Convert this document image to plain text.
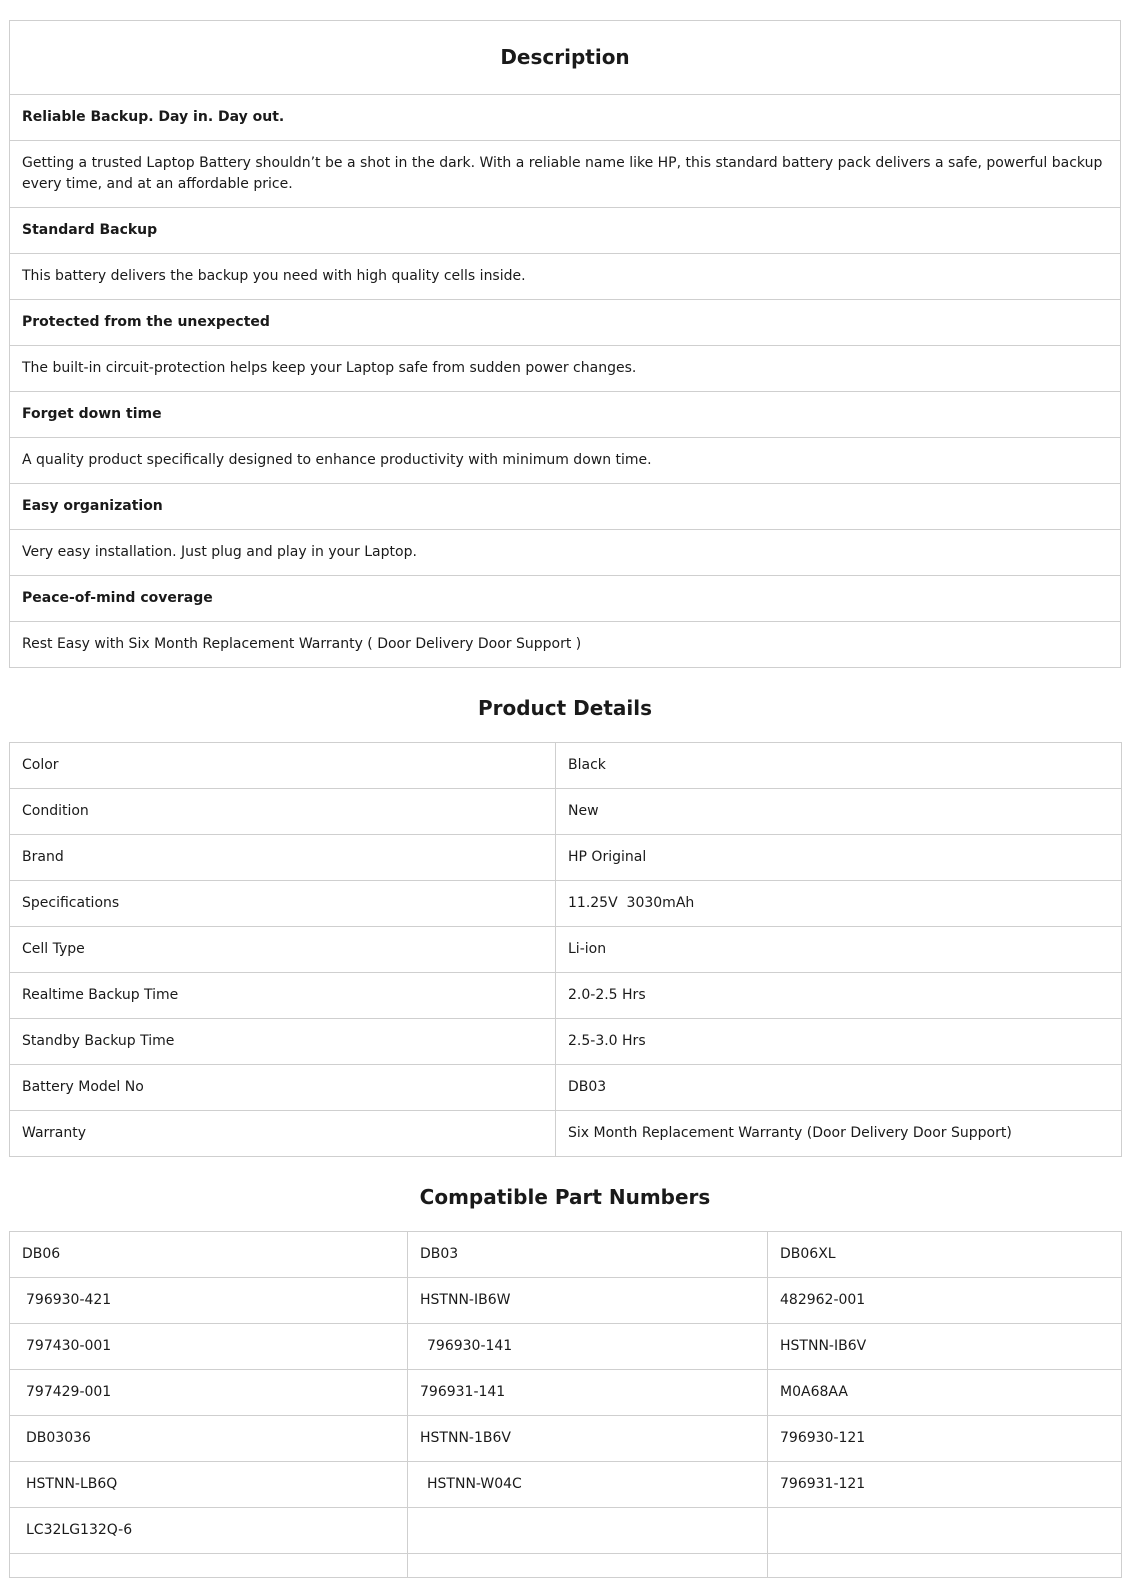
Description
Reliable Backup. Day in. Day out.
Getting a trusted Laptop Battery shouldn’t be a shot in the dark. With a reliable name like HP, this standard battery pack delivers a safe, powerful backup every time, and at an affordable price.
Standard Backup
This battery delivers the backup you need with high quality cells inside.
Protected from the unexpected
The built-in circuit-protection helps keep your Laptop safe from sudden power changes.
Forget down time
A quality product specifically designed to enhance productivity with minimum down time.
Easy organization
Very easy installation. Just plug and play in your Laptop.
Peace-of-mind coverage
Rest Easy with Six Month Replacement Warranty ( Door Delivery Door Support )
Product Details
Color	Black
Condition	New
Brand	HP Original
Specifications	11.25V  3030mAh
Cell Type	Li-ion
Realtime Backup Time	2.0-2.5 Hrs
Standby Backup Time	2.5-3.0 Hrs
Battery Model No	DB03
Warranty	Six Month Replacement Warranty (Door Delivery Door Support)
Compatible Part Numbers
DB06	DB03	DB06XL
796930-421	HSTNN-IB6W	482962-001
797430-001	796930-141	HSTNN-IB6V
797429-001	796931-141	M0A68AA
DB03036	HSTNN-1B6V	796930-121
HSTNN-LB6Q	HSTNN-W04C	796931-121
LC32LG132Q-6		
